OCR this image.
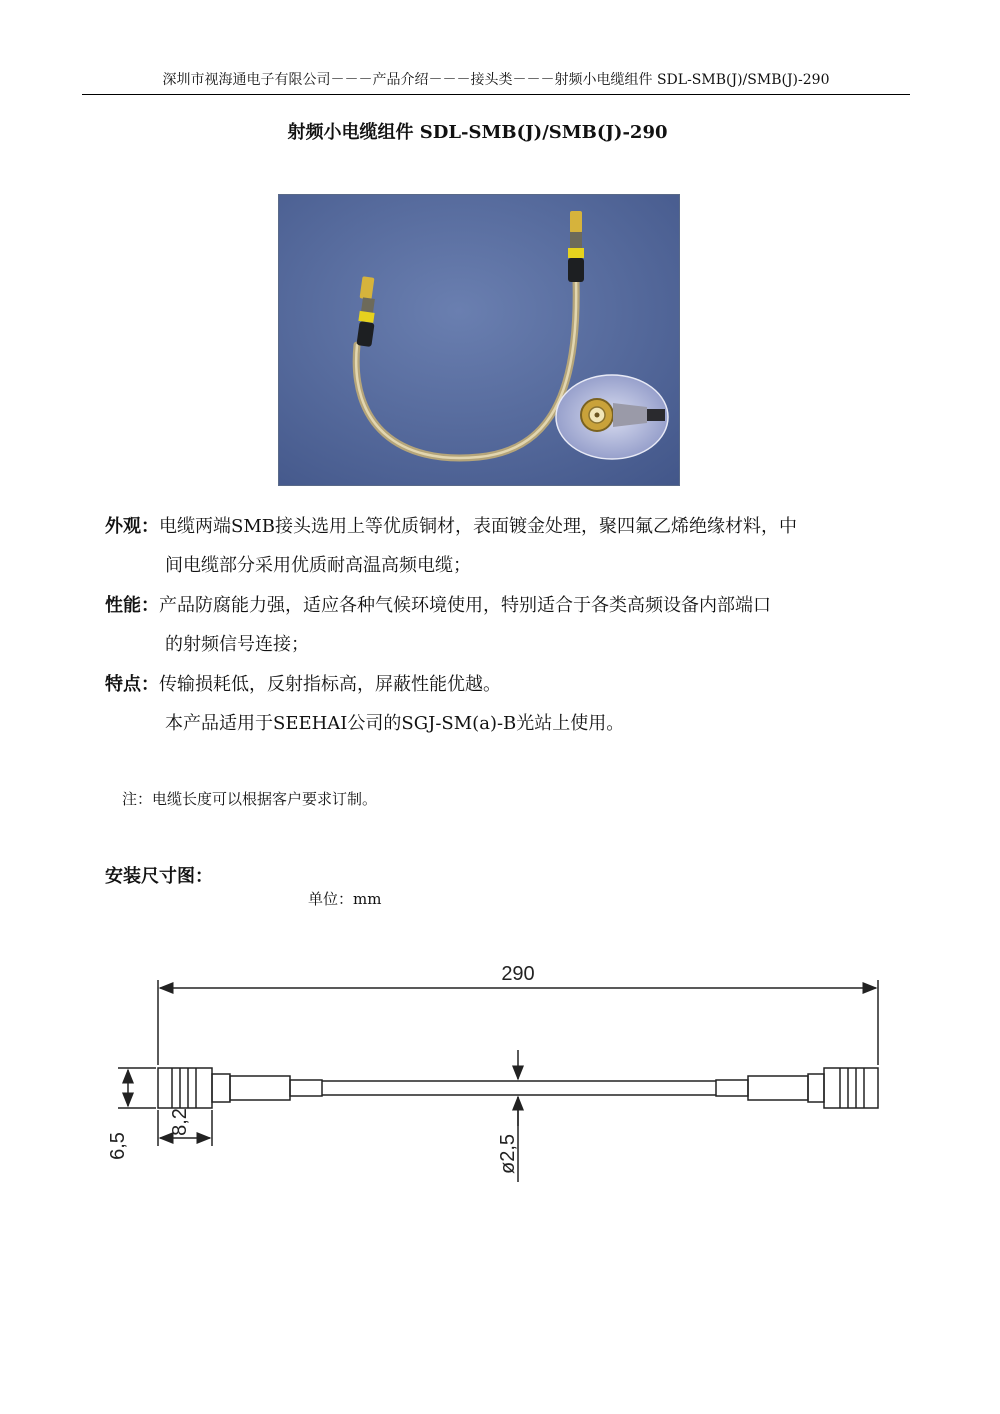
深圳市视海通电子有限公司－－－产品介绍－－－接头类－－－射频小电缆组件 SDL-SMB(J)/SMB(J)-290
射频小电缆组件 SDL-SMB(J)/SMB(J)-290
外观：电缆两端SMB接头选用上等优质铜材，表面镀金处理，聚四氟乙烯绝缘材料，中
间电缆部分采用优质耐高温高频电缆；
性能：产品防腐能力强，适应各种气候环境使用，特别适合于各类高频设备内部端口
的射频信号连接；
特点：传输损耗低，反射指标高，屏蔽性能优越。
本产品适用于SEEHAI公司的SGJ-SM(a)-B光站上使用。
注：电缆长度可以根据客户要求订制。
安装尺寸图：
单位：mm
290
6,5
8,2
ø2,5
